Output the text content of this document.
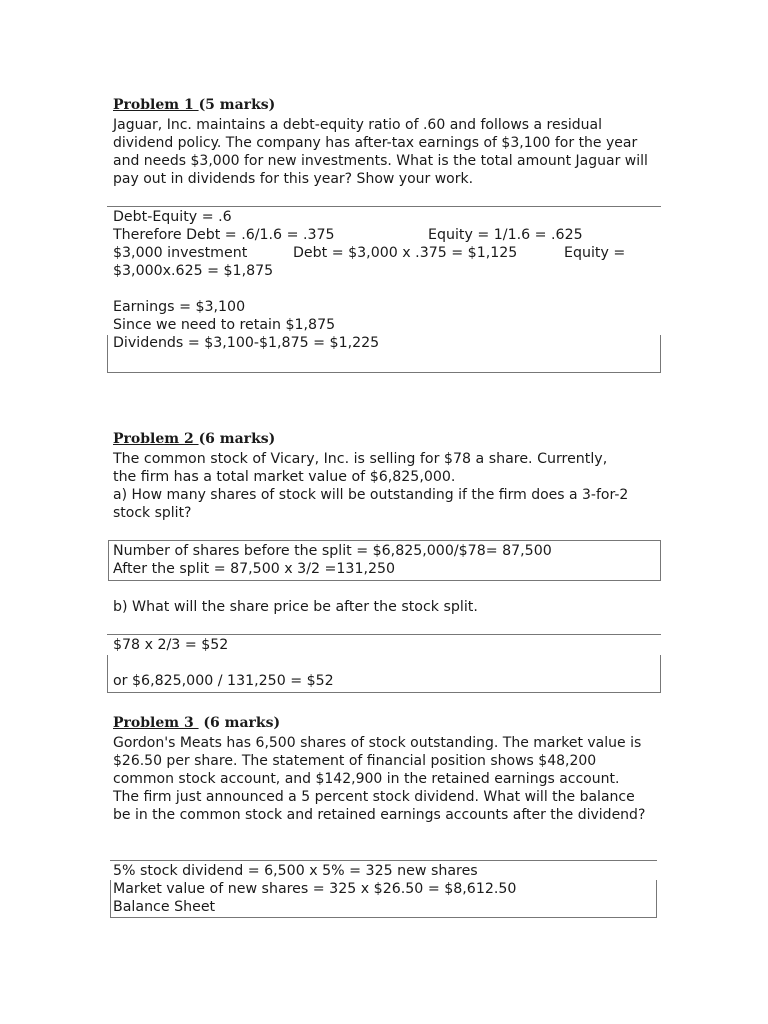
Problem 1 (5 marks)
Jaguar, Inc. maintains a debt-equity ratio of .60 and follows a residual dividend policy. The company has after-tax earnings of $3,100 for the year and needs $3,000 for new investments. What is the total amount Jaguar will pay out in dividends for this year? Show your work.
Debt-Equity = .6
Therefore Debt = .6/1.6 = .375	Equity = 1/1.6 = .625
$3,000 investment	Debt = $3,000 x .375 = $1,125	Equity =
$3,000x.625 = $1,875
Earnings = $3,100
Since we need to retain $1,875
Dividends = $3,100-$1,875 = $1,225
Problem 2 (6 marks)
The common stock of Vicary, Inc. is selling for $78 a share. Currently,
the firm has a total market value of $6,825,000.
a) How many shares of stock will be outstanding if the firm does a 3-for-2 stock split?
Number of shares before the split = $6,825,000/$78= 87,500
After the split = 87,500 x 3/2 =131,250
b) What will the share price be after the stock split.
$78 x 2/3 = $52
or $6,825,000 / 131,250 = $52
Problem 3  (6 marks)
Gordon's Meats has 6,500 shares of stock outstanding. The market value is $26.50 per share. The statement of financial position shows $48,200 common stock account, and $142,900 in the retained earnings account. The firm just announced a 5 percent stock dividend. What will the balance be in the common stock and retained earnings accounts after the dividend?
5% stock dividend = 6,500 x 5% = 325 new shares
Market value of new shares = 325 x $26.50 = $8,612.50
Balance Sheet
